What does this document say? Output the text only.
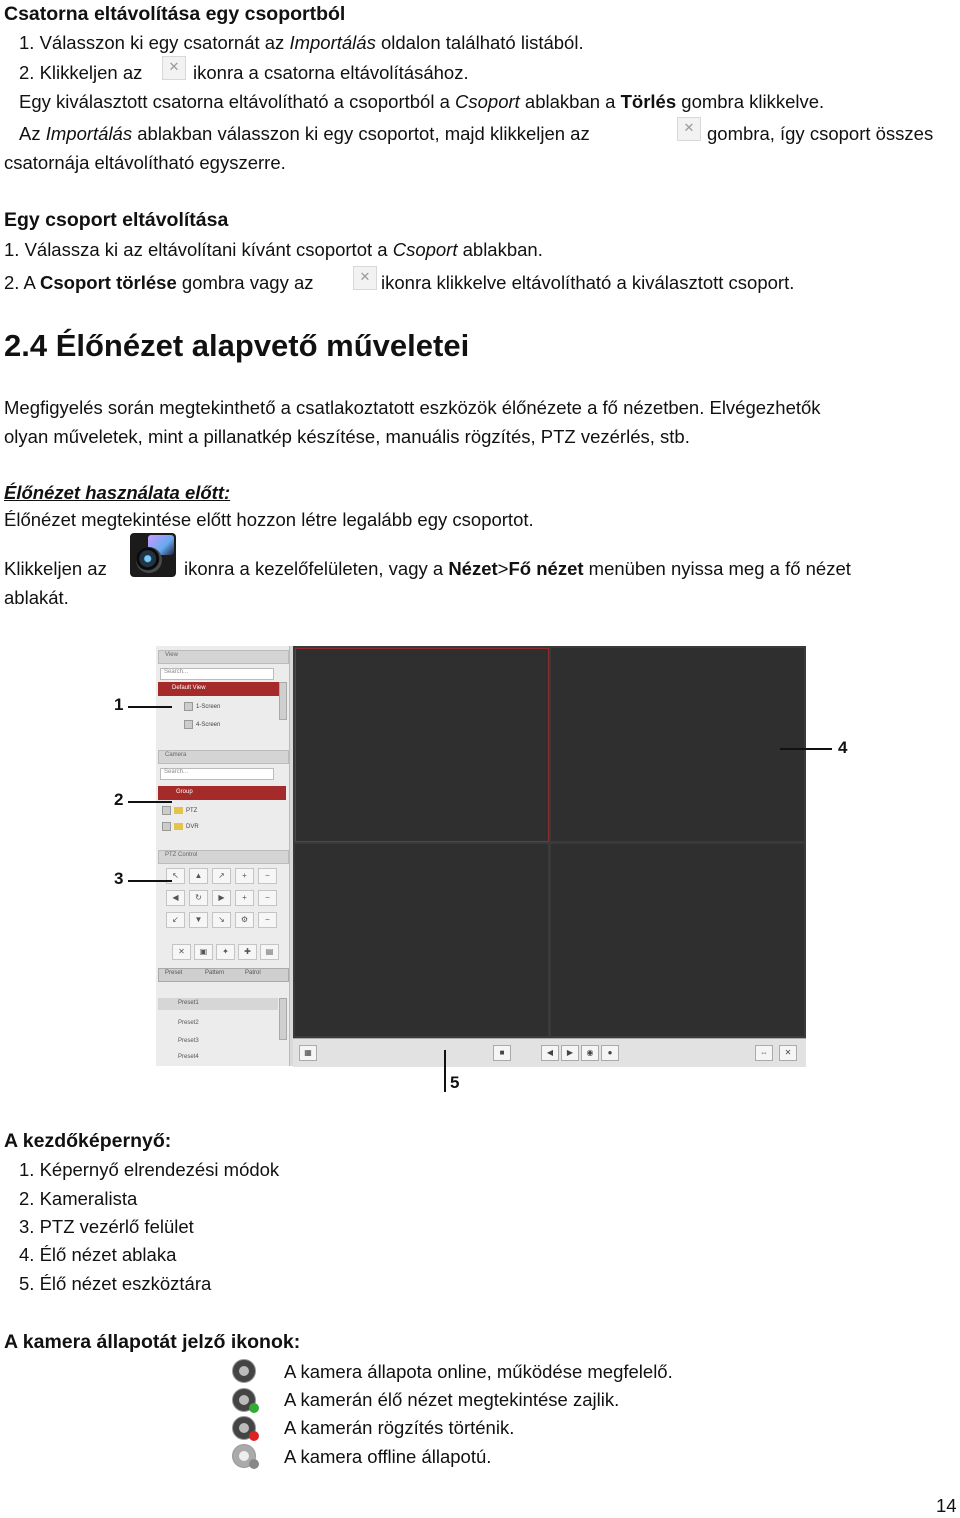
Csatorna eltávolítása egy csoportból
1. Válasszon ki egy csatornát az Importálás oldalon található listából.
2. Klikkeljen az	✕ ikonra a csatorna eltávolításához.
Egy kiválasztott csatorna eltávolítható a csoportból a Csoport ablakban a Törlés gombra klikkelve.
Az Importálás ablakban válasszon ki egy csoportot, majd klikkeljen az	✕ gombra, így csoport összes
csatornája eltávolítható egyszerre.
Egy csoport eltávolítása
1. Válassza ki az eltávolítani kívánt csoportot a Csoport ablakban.
2. A Csoport törlése gombra vagy az	✕ ikonra klikkelve eltávolítható a kiválasztott csoport.
2.4 Élőnézet alapvető műveletei
Megfigyelés során megtekinthető a csatlakoztatott eszközök élőnézete a fő nézetben. Elvégezhetők
olyan műveletek, mint a pillanatkép készítése, manuális rögzítés, PTZ vezérlés, stb.
Élőnézet használata előtt:
Élőnézet megtekintése előtt hozzon létre legalább egy csoportot.
Klikkeljen az	ikonra a kezelőfelületen, vagy a Nézet>Fő nézet menüben nyissa meg a fő nézet
ablakát.
View
Search...
Default View
1-Screen
4-Screen
Camera
Search...
Group
PTZ
DVR
PTZ Control
↖	▲	↗	+	−
◀	↻	▶	+	−
↙	▼	↘	⚙	−
✕	▣	✦	✚	▤
Preset	Pattern	Patrol
Preset1
Preset2
Preset3
Preset4	▦	■	◀	▶	◉	●	⇔	✕
1
2
3
4
5
A kezdőképernyő:
1. Képernyő elrendezési módok
2. Kameralista
3. PTZ vezérlő felület
4. Élő nézet ablaka
5. Élő nézet eszköztára
A kamera állapotát jelző ikonok:
A kamera állapota online, működése megfelelő.
A kamerán élő nézet megtekintése zajlik.
A kamerán rögzítés történik.
A kamera offline állapotú.
14
